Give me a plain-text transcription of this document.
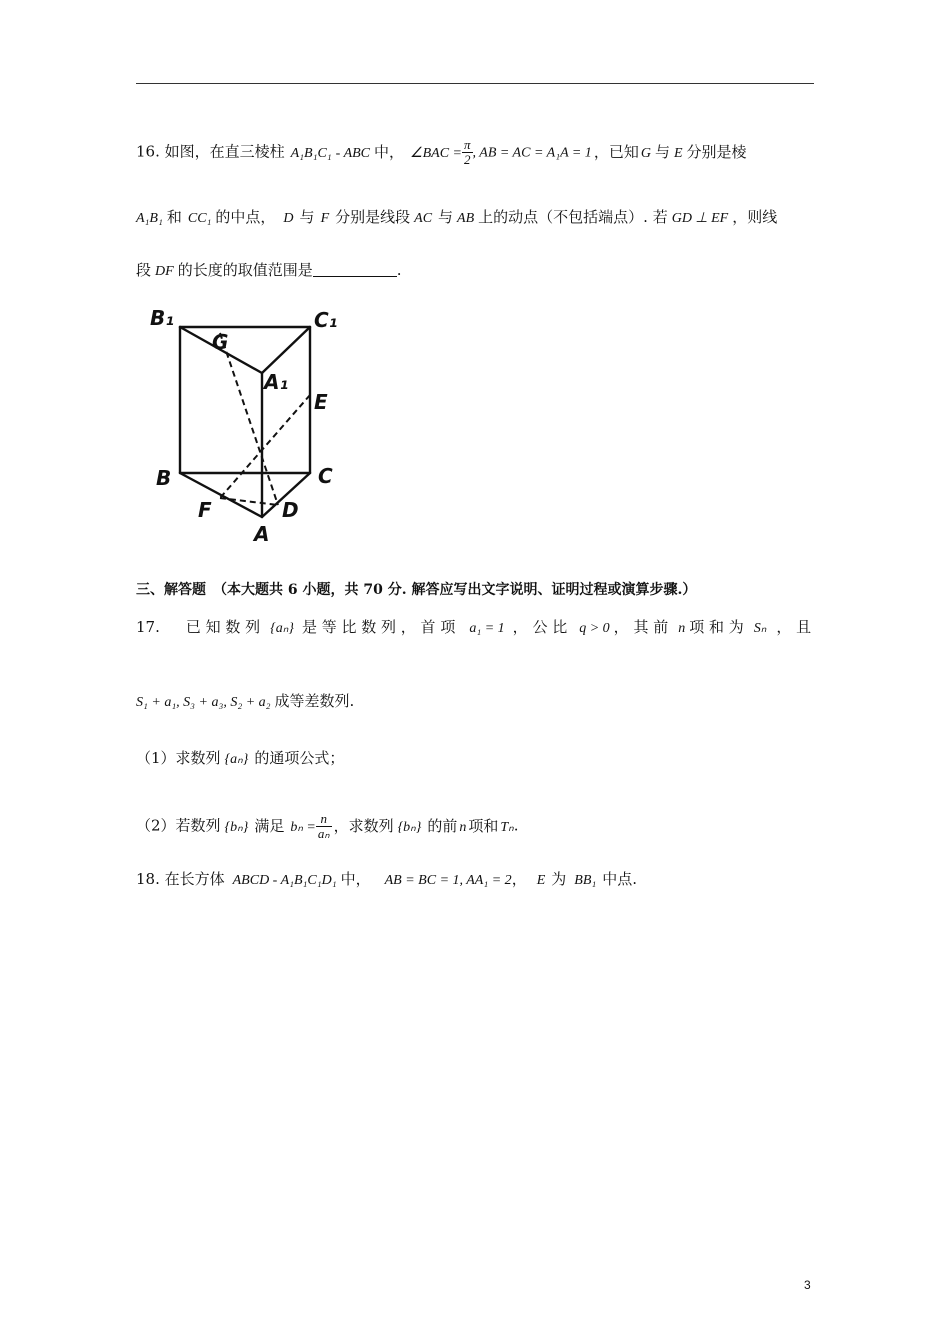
16. 如图，在直三棱柱 A₁B₁C₁ - ABC 中， ∠BAC = $\frac{\pi}{2}$ , AB = AC = A₁A = 1 ，已知 G 与 E 分别是棱
A₁B₁ 和 CC₁ 的中点， D 与 F 分别是线段 AC 与 AB 上的动点（不包括端点）. 若 GD ⊥ EF ，则线
段 DF 的长度的取值范围是	.
B₁	C₁
G
A₁
E
B	C
F	D
A
三、解答题　（本大题共 6 小题，共 70 分. 解答应写出文字说明、证明过程或演算步骤.）
17. 已 知 数 列 {aₙ} 是 等 比 数 列 ， 首 项 a₁ = 1 ， 公 比 q > 0 ， 其 前 n 项 和 为 Sₙ ， 且
S₁ + a₁, S₃ + a₃, S₂ + a₂ 成等差数列.
（1）求数列 {aₙ} 的通项公式；
（2）若数列 {bₙ} 满足 $b_n = \frac{n}{\text{aₙ}}$ ，求数列 {bₙ} 的前 n 项和 Tₙ.
18. 在长方体 ABCD - A₁B₁C₁D₁ 中， AB = BC = 1, AA₁ = 2， E 为 BB₁ 中点.
3
